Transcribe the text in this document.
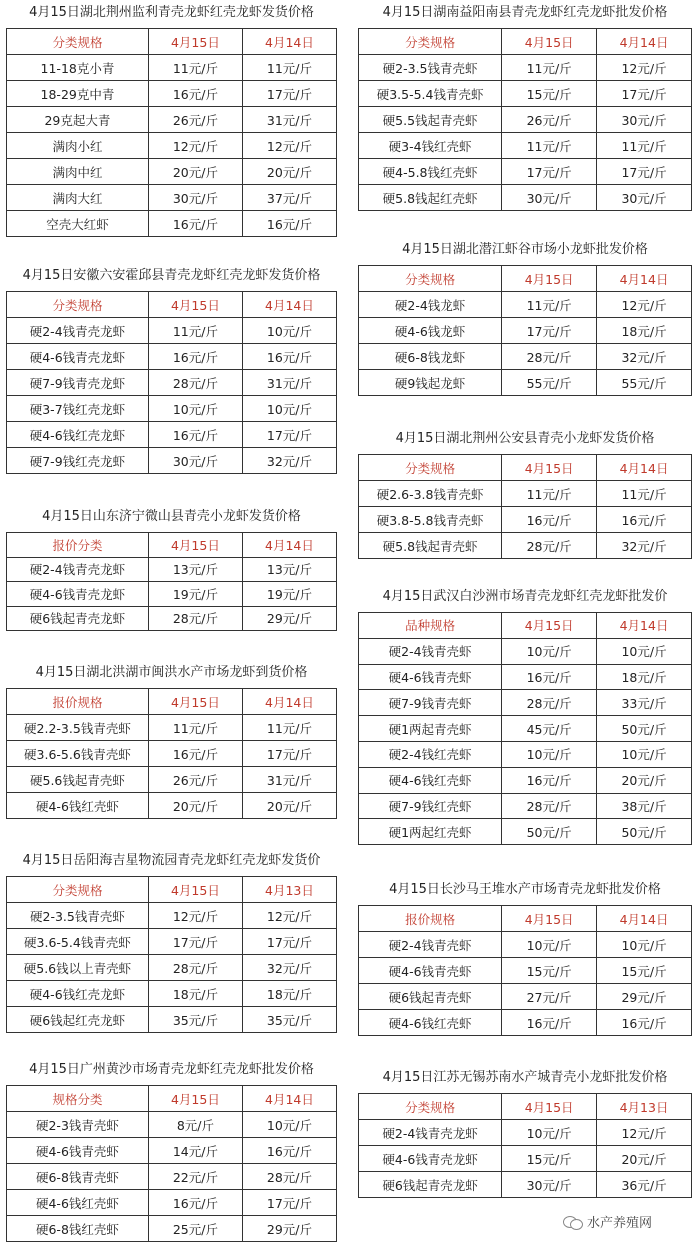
4月15日湖北荆州监利青壳龙虾红壳龙虾发货价格
分类规格	4月15日	4月14日
11-18克小青	11元/斤	11元/斤
18-29克中青	16元/斤	17元/斤
29克起大青	26元/斤	31元/斤
满肉小红	12元/斤	12元/斤
满肉中红	20元/斤	20元/斤
满肉大红	30元/斤	37元/斤
空壳大红虾	16元/斤	16元/斤
4月15日安徽六安霍邱县青壳龙虾红壳龙虾发货价格
分类规格	4月15日	4月14日
硬2-4钱青壳龙虾	11元/斤	10元/斤
硬4-6钱青壳龙虾	16元/斤	16元/斤
硬7-9钱青壳龙虾	28元/斤	31元/斤
硬3-7钱红壳龙虾	10元/斤	10元/斤
硬4-6钱红壳龙虾	16元/斤	17元/斤
硬7-9钱红壳龙虾	30元/斤	32元/斤
4月15日山东济宁微山县青壳小龙虾发货价格
报价分类	4月15日	4月14日
硬2-4钱青壳龙虾	13元/斤	13元/斤
硬4-6钱青壳龙虾	19元/斤	19元/斤
硬6钱起青壳龙虾	28元/斤	29元/斤
4月15日湖北洪湖市闽洪水产市场龙虾到货价格
报价规格	4月15日	4月14日
硬2.2-3.5钱青壳虾	11元/斤	11元/斤
硬3.6-5.6钱青壳虾	16元/斤	17元/斤
硬5.6钱起青壳虾	26元/斤	31元/斤
硬4-6钱红壳虾	20元/斤	20元/斤
4月15日岳阳海吉星物流园青壳龙虾红壳龙虾发货价
分类规格	4月15日	4月13日
硬2-3.5钱青壳虾	12元/斤	12元/斤
硬3.6-5.4钱青壳虾	17元/斤	17元/斤
硬5.6钱以上青壳虾	28元/斤	32元/斤
硬4-6钱红壳龙虾	18元/斤	18元/斤
硬6钱起红壳龙虾	35元/斤	35元/斤
4月15日广州黄沙市场青壳龙虾红壳龙虾批发价格
规格分类	4月15日	4月14日
硬2-3钱青壳虾	8元/斤	10元/斤
硬4-6钱青壳虾	14元/斤	16元/斤
硬6-8钱青壳虾	22元/斤	28元/斤
硬4-6钱红壳虾	16元/斤	17元/斤
硬6-8钱红壳虾	25元/斤	29元/斤
4月15日湖南益阳南县青壳龙虾红壳龙虾批发价格
分类规格	4月15日	4月14日
硬2-3.5钱青壳虾	11元/斤	12元/斤
硬3.5-5.4钱青壳虾	15元/斤	17元/斤
硬5.5钱起青壳虾	26元/斤	30元/斤
硬3-4钱红壳虾	11元/斤	11元/斤
硬4-5.8钱红壳虾	17元/斤	17元/斤
硬5.8钱起红壳虾	30元/斤	30元/斤
4月15日湖北潜江虾谷市场小龙虾批发价格
分类规格	4月15日	4月14日
硬2-4钱龙虾	11元/斤	12元/斤
硬4-6钱龙虾	17元/斤	18元/斤
硬6-8钱龙虾	28元/斤	32元/斤
硬9钱起龙虾	55元/斤	55元/斤
4月15日湖北荆州公安县青壳小龙虾发货价格
分类规格	4月15日	4月14日
硬2.6-3.8钱青壳虾	11元/斤	11元/斤
硬3.8-5.8钱青壳虾	16元/斤	16元/斤
硬5.8钱起青壳虾	28元/斤	32元/斤
4月15日武汉白沙洲市场青壳龙虾红壳龙虾批发价
品种规格	4月15日	4月14日
硬2-4钱青壳虾	10元/斤	10元/斤
硬4-6钱青壳虾	16元/斤	18元/斤
硬7-9钱青壳虾	28元/斤	33元/斤
硬1两起青壳虾	45元/斤	50元/斤
硬2-4钱红壳虾	10元/斤	10元/斤
硬4-6钱红壳虾	16元/斤	20元/斤
硬7-9钱红壳虾	28元/斤	38元/斤
硬1两起红壳虾	50元/斤	50元/斤
4月15日长沙马王堆水产市场青壳龙虾批发价格
报价规格	4月15日	4月14日
硬2-4钱青壳虾	10元/斤	10元/斤
硬4-6钱青壳虾	15元/斤	15元/斤
硬6钱起青壳虾	27元/斤	29元/斤
硬4-6钱红壳虾	16元/斤	16元/斤
4月15日江苏无锡苏南水产城青壳小龙虾批发价格
分类规格	4月15日	4月13日
硬2-4钱青壳龙虾	10元/斤	12元/斤
硬4-6钱青壳龙虾	15元/斤	20元/斤
硬6钱起青壳龙虾	30元/斤	36元/斤
水产养殖网
